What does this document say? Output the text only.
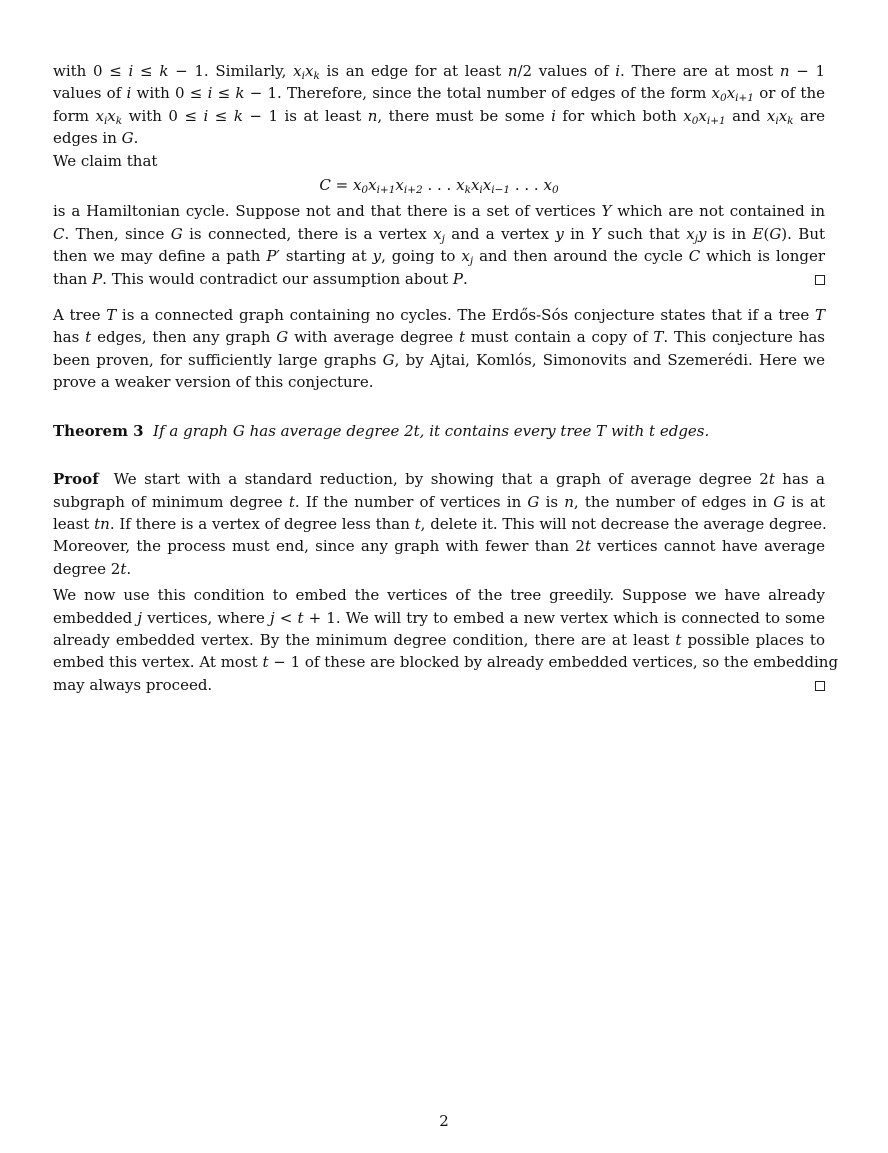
with 0 ≤ i ≤ k − 1. Similarly, $x_ix_k$ is an edge for at least n/2 values of i. There are at most n − 1
values of i with 0 ≤ i ≤ k − 1. Therefore, since the total number of edges of the form $x_0x_{i+1}$ or of the
form $x_ix_k$ with 0 ≤ i ≤ k − 1 is at least n, there must be some i for which both $x_0x_{i+1}$ and $x_ix_k$ are
edges in G.

We claim that

$C = x_0x_{i+1}x_{i+2}$ . . . $x_kx_ix_{i-1}$ . . . $x_0$

is a Hamiltonian cycle. Suppose not and that there is a set of vertices Y which are not contained in
C. Then, since G is connected, there is a vertex $x_j$ and a vertex y in Y such that $x_jy$ is in E(G). But
then we may define a path P′ starting at y, going to $x_j$ and then around the cycle C which is longer
than P. This would contradict our assumption about P.

A tree T is a connected graph containing no cycles. The Erdős-Sós conjecture states that if a tree T
has t edges, then any graph G with average degree t must contain a copy of T. This conjecture has
been proven, for sufficiently large graphs G, by Ajtai, Komlós, Simonovits and Szemerédi. Here we
prove a weaker version of this conjecture.

Theorem 3 If a graph G has average degree 2t, it contains every tree T with t edges.

Proof  We start with a standard reduction, by showing that a graph of average degree 2t has a
subgraph of minimum degree t. If the number of vertices in G is n, the number of edges in G is at
least tn. If there is a vertex of degree less than t, delete it. This will not decrease the average degree.
Moreover, the process must end, since any graph with fewer than 2t vertices cannot have average
degree 2t.

We now use this condition to embed the vertices of the tree greedily. Suppose we have already
embedded j vertices, where j < t + 1. We will try to embed a new vertex which is connected to some
already embedded vertex. By the minimum degree condition, there are at least t possible places to
embed this vertex. At most t − 1 of these are blocked by already embedded vertices, so the embedding
may always proceed.

2
